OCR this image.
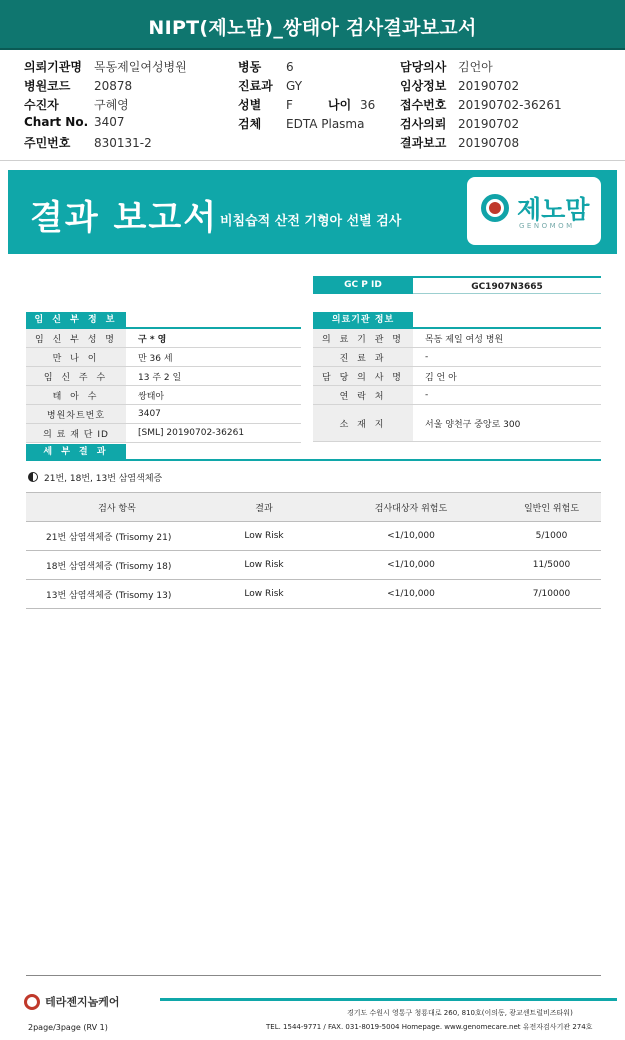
NIPT(제노맘)_쌍태아 검사결과보고서
의뢰기관명 목동제일여성병원
병원코드 20878
수진자	구혜영
Chart No. 3407
주민번호 830131-2
병동 6
진료과 GY
성별 F	나이 36
검체 EDTA Plasma
담당의사 김언아
임상정보 20190702
접수번호 20190702-36261
검사의뢰 20190702
결과보고 20190708
결과 보고서 비침습적 산전 기형아 선별 검사	제노맘
GENOMOM
GC P ID	GC1907N3665
임 신 부 정 보
임 신 부 성 명	구 * 영
만 나 이	만 36 세
임 신 주 수	13 주 2 일
태 아 수	쌍태아
병원차트번호	3407
의 료 재 단 ID	[SML] 20190702-36261
의료기관 정보
의 료 기 관 명	목동 제일 여성 병원
진 료 과	-
담 당 의 사 명	김 언 아
연 락 처	-
소 재 지	서울 양천구 중앙로 300
세 부 결 과
21번, 18번, 13번 삼염색체증
검사 항목	결과	검사대상자 위험도	일반인 위험도
21번 삼염색체증 (Trisomy 21)	Low Risk	<1/10,000	5/1000
18번 삼염색체증 (Trisomy 18)	Low Risk	<1/10,000	11/5000
13번 삼염색체증 (Trisomy 13)	Low Risk	<1/10,000	7/10000
테라젠지놈케어
경기도 수원시 영통구 청룡대로 260, 810호(이의동, 광교센트럴비즈타워)
TEL. 1544-9771 / FAX. 031-8019-5004 Homepage. www.genomecare.net 유전자검사기관 274호
2page/3page (RV 1)
